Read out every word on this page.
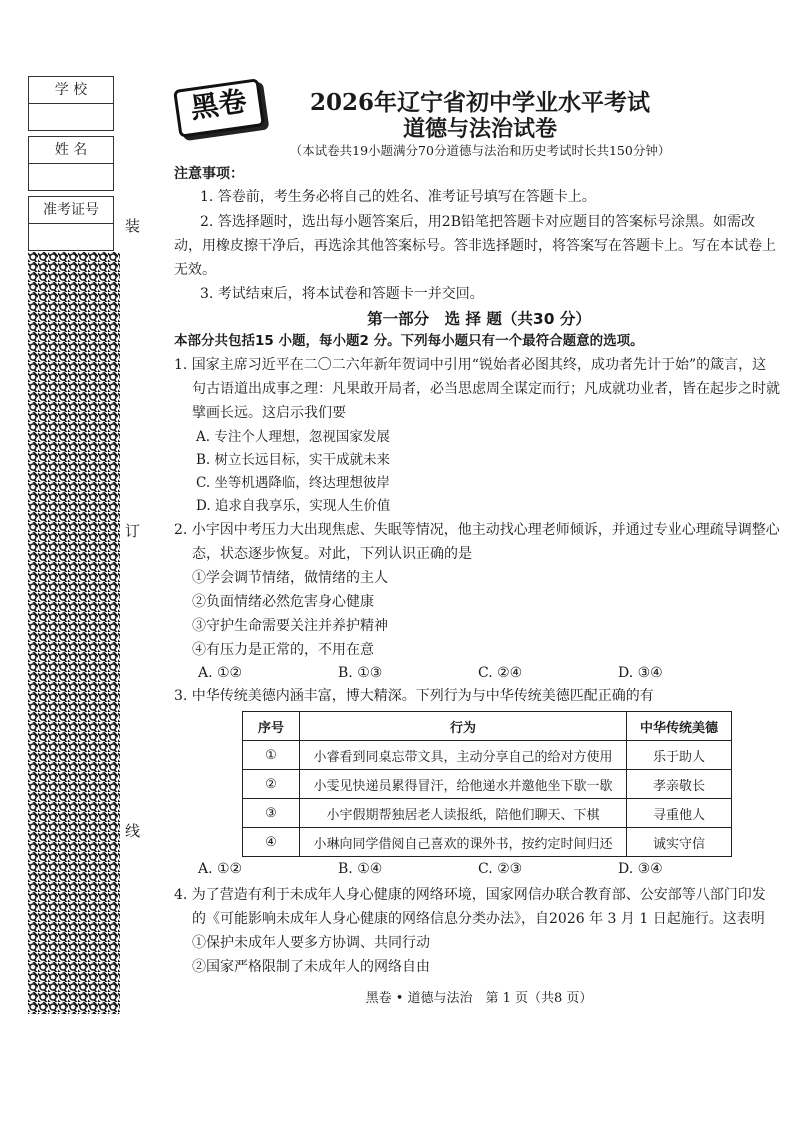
学 校
姓 名
准考证号
装
订
线
黑卷	2026年辽宁省初中学业水平考试
道德与法治试卷
（本试卷共19小题满分70分道德与法治和历史考试时长共150分钟）
注意事项：
1. 答卷前，考生务必将自己的姓名、准考证号填写在答题卡上。
2. 答选择题时，选出每小题答案后，用2B铅笔把答题卡对应题目的答案标号涂黑。如需改
动，用橡皮擦干净后，再选涂其他答案标号。答非选择题时，将答案写在答题卡上。写在本试卷上
无效。
3. 考试结束后，将本试卷和答题卡一并交回。
第一部分　选 择 题（共30 分）
本部分共包括15 小题，每小题2 分。下列每小题只有一个最符合题意的选项。
1. 国家主席习近平在二〇二六年新年贺词中引用“锐始者必图其终，成功者先计于始”的箴言，这
句古语道出成事之理：凡果敢开局者，必当思虑周全谋定而行；凡成就功业者，皆在起步之时就
擘画长远。这启示我们要
A. 专注个人理想，忽视国家发展
B. 树立长远目标，实干成就未来
C. 坐等机遇降临，终达理想彼岸
D. 追求自我享乐，实现人生价值
2. 小宇因中考压力大出现焦虑、失眠等情况，他主动找心理老师倾诉，并通过专业心理疏导调整心
态，状态逐步恢复。对此，下列认识正确的是
①学会调节情绪，做情绪的主人
②负面情绪必然危害身心健康
③守护生命需要关注并养护精神
④有压力是正常的，不用在意
A. ①②	B. ①③	C. ②④	D. ③④
3. 中华传统美德内涵丰富，博大精深。下列行为与中华传统美德匹配正确的有
序号	行为	中华传统美德
①	小睿看到同桌忘带文具，主动分享自己的给对方使用	乐于助人
②	小雯见快递员累得冒汗，给他递水并邀他坐下歇一歇	孝亲敬长
③	小宇假期帮独居老人读报纸，陪他们聊天、下棋	寻重他人
④	小琳向同学借阅自己喜欢的课外书，按约定时间归还	诚实守信
A. ①②	B. ①④	C. ②③	D. ③④
4. 为了营造有利于未成年人身心健康的网络环境，国家网信办联合教育部、公安部等八部门印发
的《可能影响未成年人身心健康的网络信息分类办法》，自2026 年 3 月 1 日起施行。这表明
①保护未成年人要多方协调、共同行动
②国家严格限制了未成年人的网络自由
黑卷 • 道德与法治　第 1 页（共8 页）
